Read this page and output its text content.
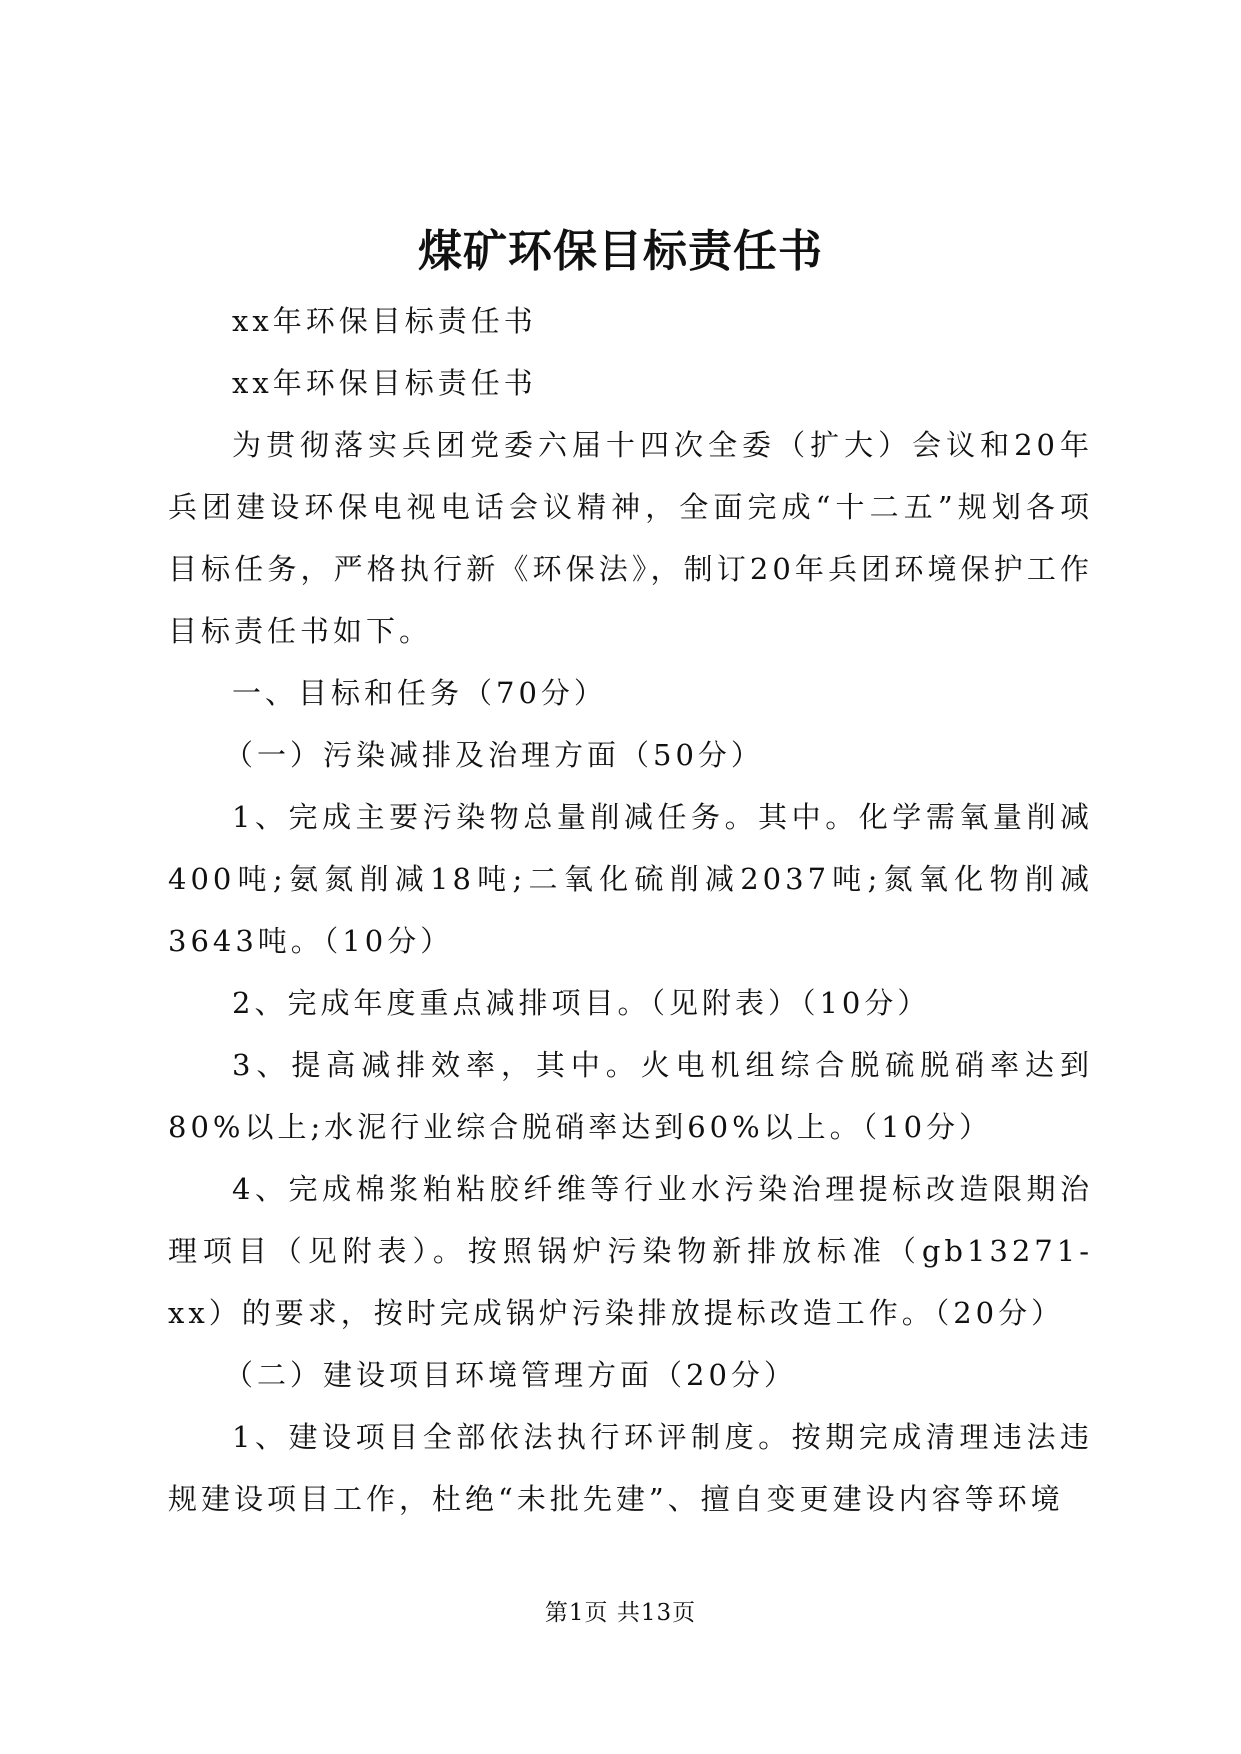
煤矿环保目标责任书

xx年环保目标责任书

xx年环保目标责任书

为贯彻落实兵团党委六届十四次全委（扩大）会议和20年兵团建设环保电视电话会议精神，全面完成“十二五”规划各项目标任务，严格执行新《环保法》，制订20年兵团环境保护工作目标责任书如下。

一、目标和任务（70分）

（一）污染减排及治理方面（50分）

1、完成主要污染物总量削减任务。其中。化学需氧量削减400吨;氨氮削减18吨;二氧化硫削减2037吨;氮氧化物削减3643吨。（10分）

2、完成年度重点减排项目。（见附表）（10分）

3、提高减排效率，其中。火电机组综合脱硫脱硝率达到80%以上;水泥行业综合脱硝率达到60%以上。（10分）

4、完成棉浆粕粘胶纤维等行业水污染治理提标改造限期治理项目（见附表）。按照锅炉污染物新排放标准（gb13271-xx）的要求，按时完成锅炉污染排放提标改造工作。（20分）

（二）建设项目环境管理方面（20分）

1、建设项目全部依法执行环评制度。按期完成清理违法违规建设项目工作，杜绝“未批先建”、擅自变更建设内容等环境

第1页 共13页
